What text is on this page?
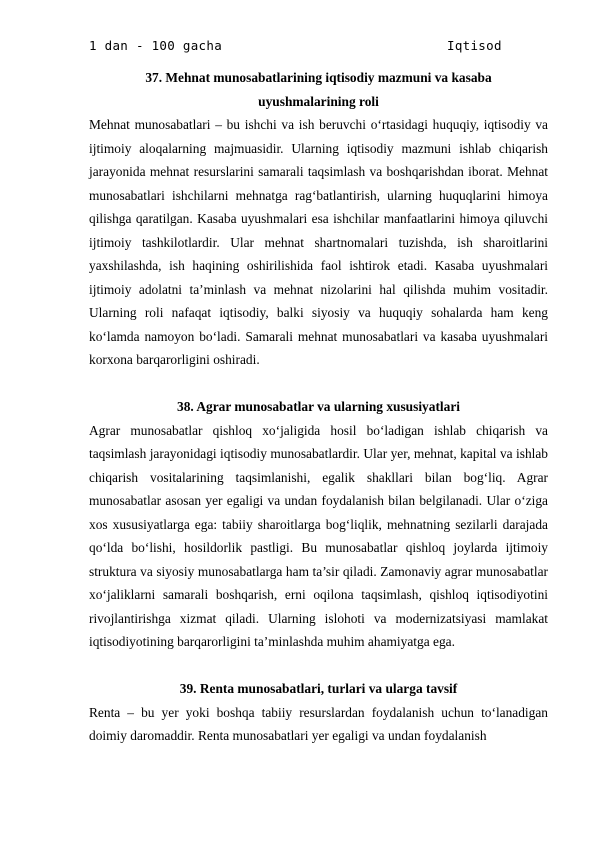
1 dan - 100 gacha	Iqtisod

37. Mehnat munosabatlarining iqtisodiy mazmuni va kasaba uyushmalarining roli

Mehnat munosabatlari – bu ishchi va ish beruvchi o‘rtasidagi huquqiy, iqtisodiy va ijtimoiy aloqalarning majmuasidir. Ularning iqtisodiy mazmuni ishlab chiqarish jarayonida mehnat resurslarini samarali taqsimlash va boshqarishdan iborat. Mehnat munosabatlari ishchilarni mehnatga rag‘batlantirish, ularning huquqlarini himoya qilishga qaratilgan. Kasaba uyushmalari esa ishchilar manfaatlarini himoya qiluvchi ijtimoiy tashkilotlardir. Ular mehnat shartnomalari tuzishda, ish sharoitlarini yaxshilashda, ish haqining oshirilishida faol ishtirok etadi. Kasaba uyushmalari ijtimoiy adolatni ta’minlash va mehnat nizolarini hal qilishda muhim vositadir. Ularning roli nafaqat iqtisodiy, balki siyosiy va huquqiy sohalarda ham keng ko‘lamda namoyon bo‘ladi. Samarali mehnat munosabatlari va kasaba uyushmalari korxona barqarorligini oshiradi.

38. Agrar munosabatlar va ularning xususiyatlari

Agrar munosabatlar qishloq xo‘jaligida hosil bo‘ladigan ishlab chiqarish va taqsimlash jarayonidagi iqtisodiy munosabatlardir. Ular yer, mehnat, kapital va ishlab chiqarish vositalarining taqsimlanishi, egalik shakllari bilan bog‘liq. Agrar munosabatlar asosan yer egaligi va undan foydalanish bilan belgilanadi. Ular o‘ziga xos xususiyatlarga ega: tabiiy sharoitlarga bog‘liqlik, mehnatning sezilarli darajada qo‘lda bo‘lishi, hosildorlik pastligi. Bu munosabatlar qishloq joylarda ijtimoiy struktura va siyosiy munosabatlarga ham ta’sir qiladi. Zamonaviy agrar munosabatlar xo‘jaliklarni samarali boshqarish, erni oqilona taqsimlash, qishloq iqtisodiyotini rivojlantirishga xizmat qiladi. Ularning islohoti va modernizatsiyasi mamlakat iqtisodiyotining barqarorligini ta’minlashda muhim ahamiyatga ega.

39. Renta munosabatlari, turlari va ularga tavsif

Renta – bu yer yoki boshqa tabiiy resurslardan foydalanish uchun to‘lanadigan doimiy daromaddir. Renta munosabatlari yer egaligi va undan foydalanish
